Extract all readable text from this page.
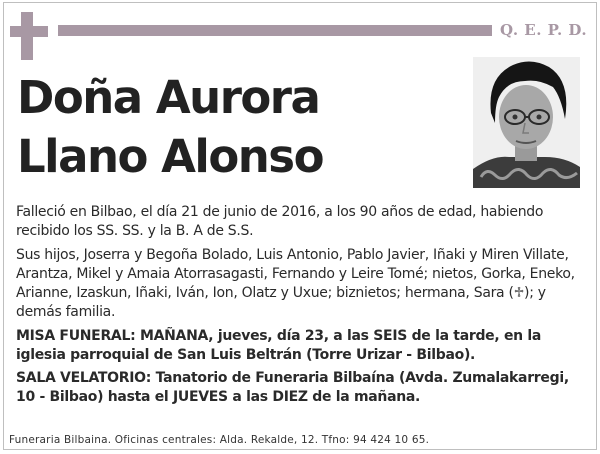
Q. E. P. D.
Doña Aurora
Llano Alonso

Falleció en Bilbao, el día 21 de junio de 2016, a los 90 años de edad, habiendo recibido los SS. SS. y la B. A de S.S.

Sus hijos, Joserra y Begoña Bolado, Luis Antonio, Pablo Javier, Iñaki y Miren Villate, Arantza, Mikel y Amaia Atorrasagasti, Fernando y Leire Tomé; nietos, Gorka, Eneko, Arianne, Izaskun, Iñaki, Iván, Ion, Olatz y Uxue; biznietos; hermana, Sara (♱); y demás familia.

MISA FUNERAL: MAÑANA, jueves, día 23, a las SEIS de la tarde, en la iglesia parroquial de San Luis Beltrán (Torre Urizar - Bilbao).

SALA VELATORIO: Tanatorio de Funeraria Bilbaína (Avda. Zumalakarregi, 10 - Bilbao) hasta el JUEVES a las DIEZ de la mañana.

Funeraria Bilbaina. Oficinas centrales: Alda. Rekalde, 12. Tfno: 94 424 10 65.
